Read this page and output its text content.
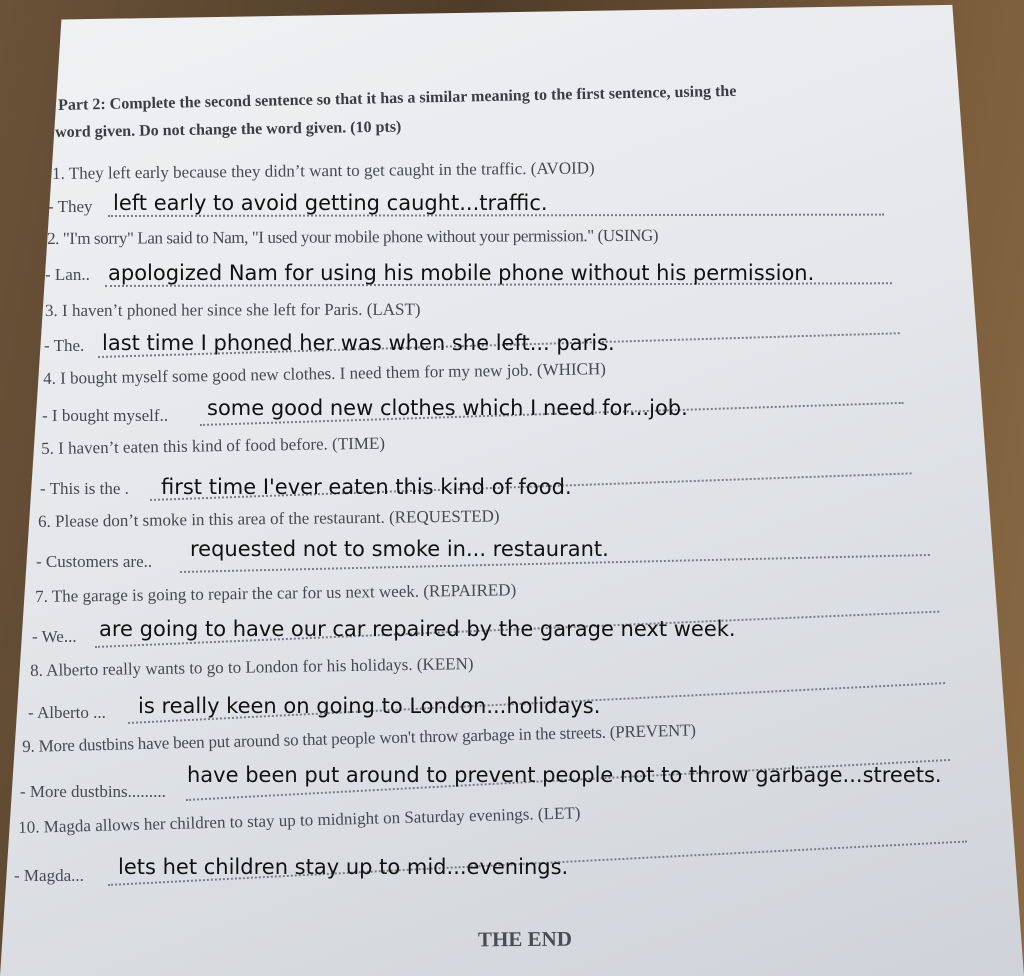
Part 2: Complete the second sentence so that it has a similar meaning to the first sentence, using the
word given. Do not change the word given. (10 pts)
1. They left early because they didn’t want to get caught in the traffic. (AVOID)
- They left early to avoid getting caught...traffic.
2. "I'm sorry" Lan said to Nam, "I used your mobile phone without your permission." (USING)
- Lan.. apologized Nam for using his mobile phone without his permission.
3. I haven’t phoned her since she left for Paris. (LAST)
- The. last time I phoned her was when she left... paris.
4. I bought myself some good new clothes. I need them for my new job. (WHICH)
- I bought myself.. some good new clothes which I need for...job.
5. I haven’t eaten this kind of food before. (TIME)
- This is the . first time I'ever eaten this kind of food.
6. Please don’t smoke in this area of the restaurant. (REQUESTED)
- Customers are..
requested not to smoke in... restaurant.
7. The garage is going to repair the car for us next week. (REPAIRED)
- We... are going to have our car repaired by the garage next week.
8. Alberto really wants to go to London for his holidays. (KEEN)
- Alberto ... is really keen on going to London...holidays.
9. More dustbins have been put around so that people won't throw garbage in the streets. (PREVENT)
- More dustbins.........
have been put around to prevent people not to throw garbage...streets.
10. Magda allows her children to stay up to midnight on Saturday evenings. (LET)
- Magda... lets het children stay up to mid...evenings.
THE END
